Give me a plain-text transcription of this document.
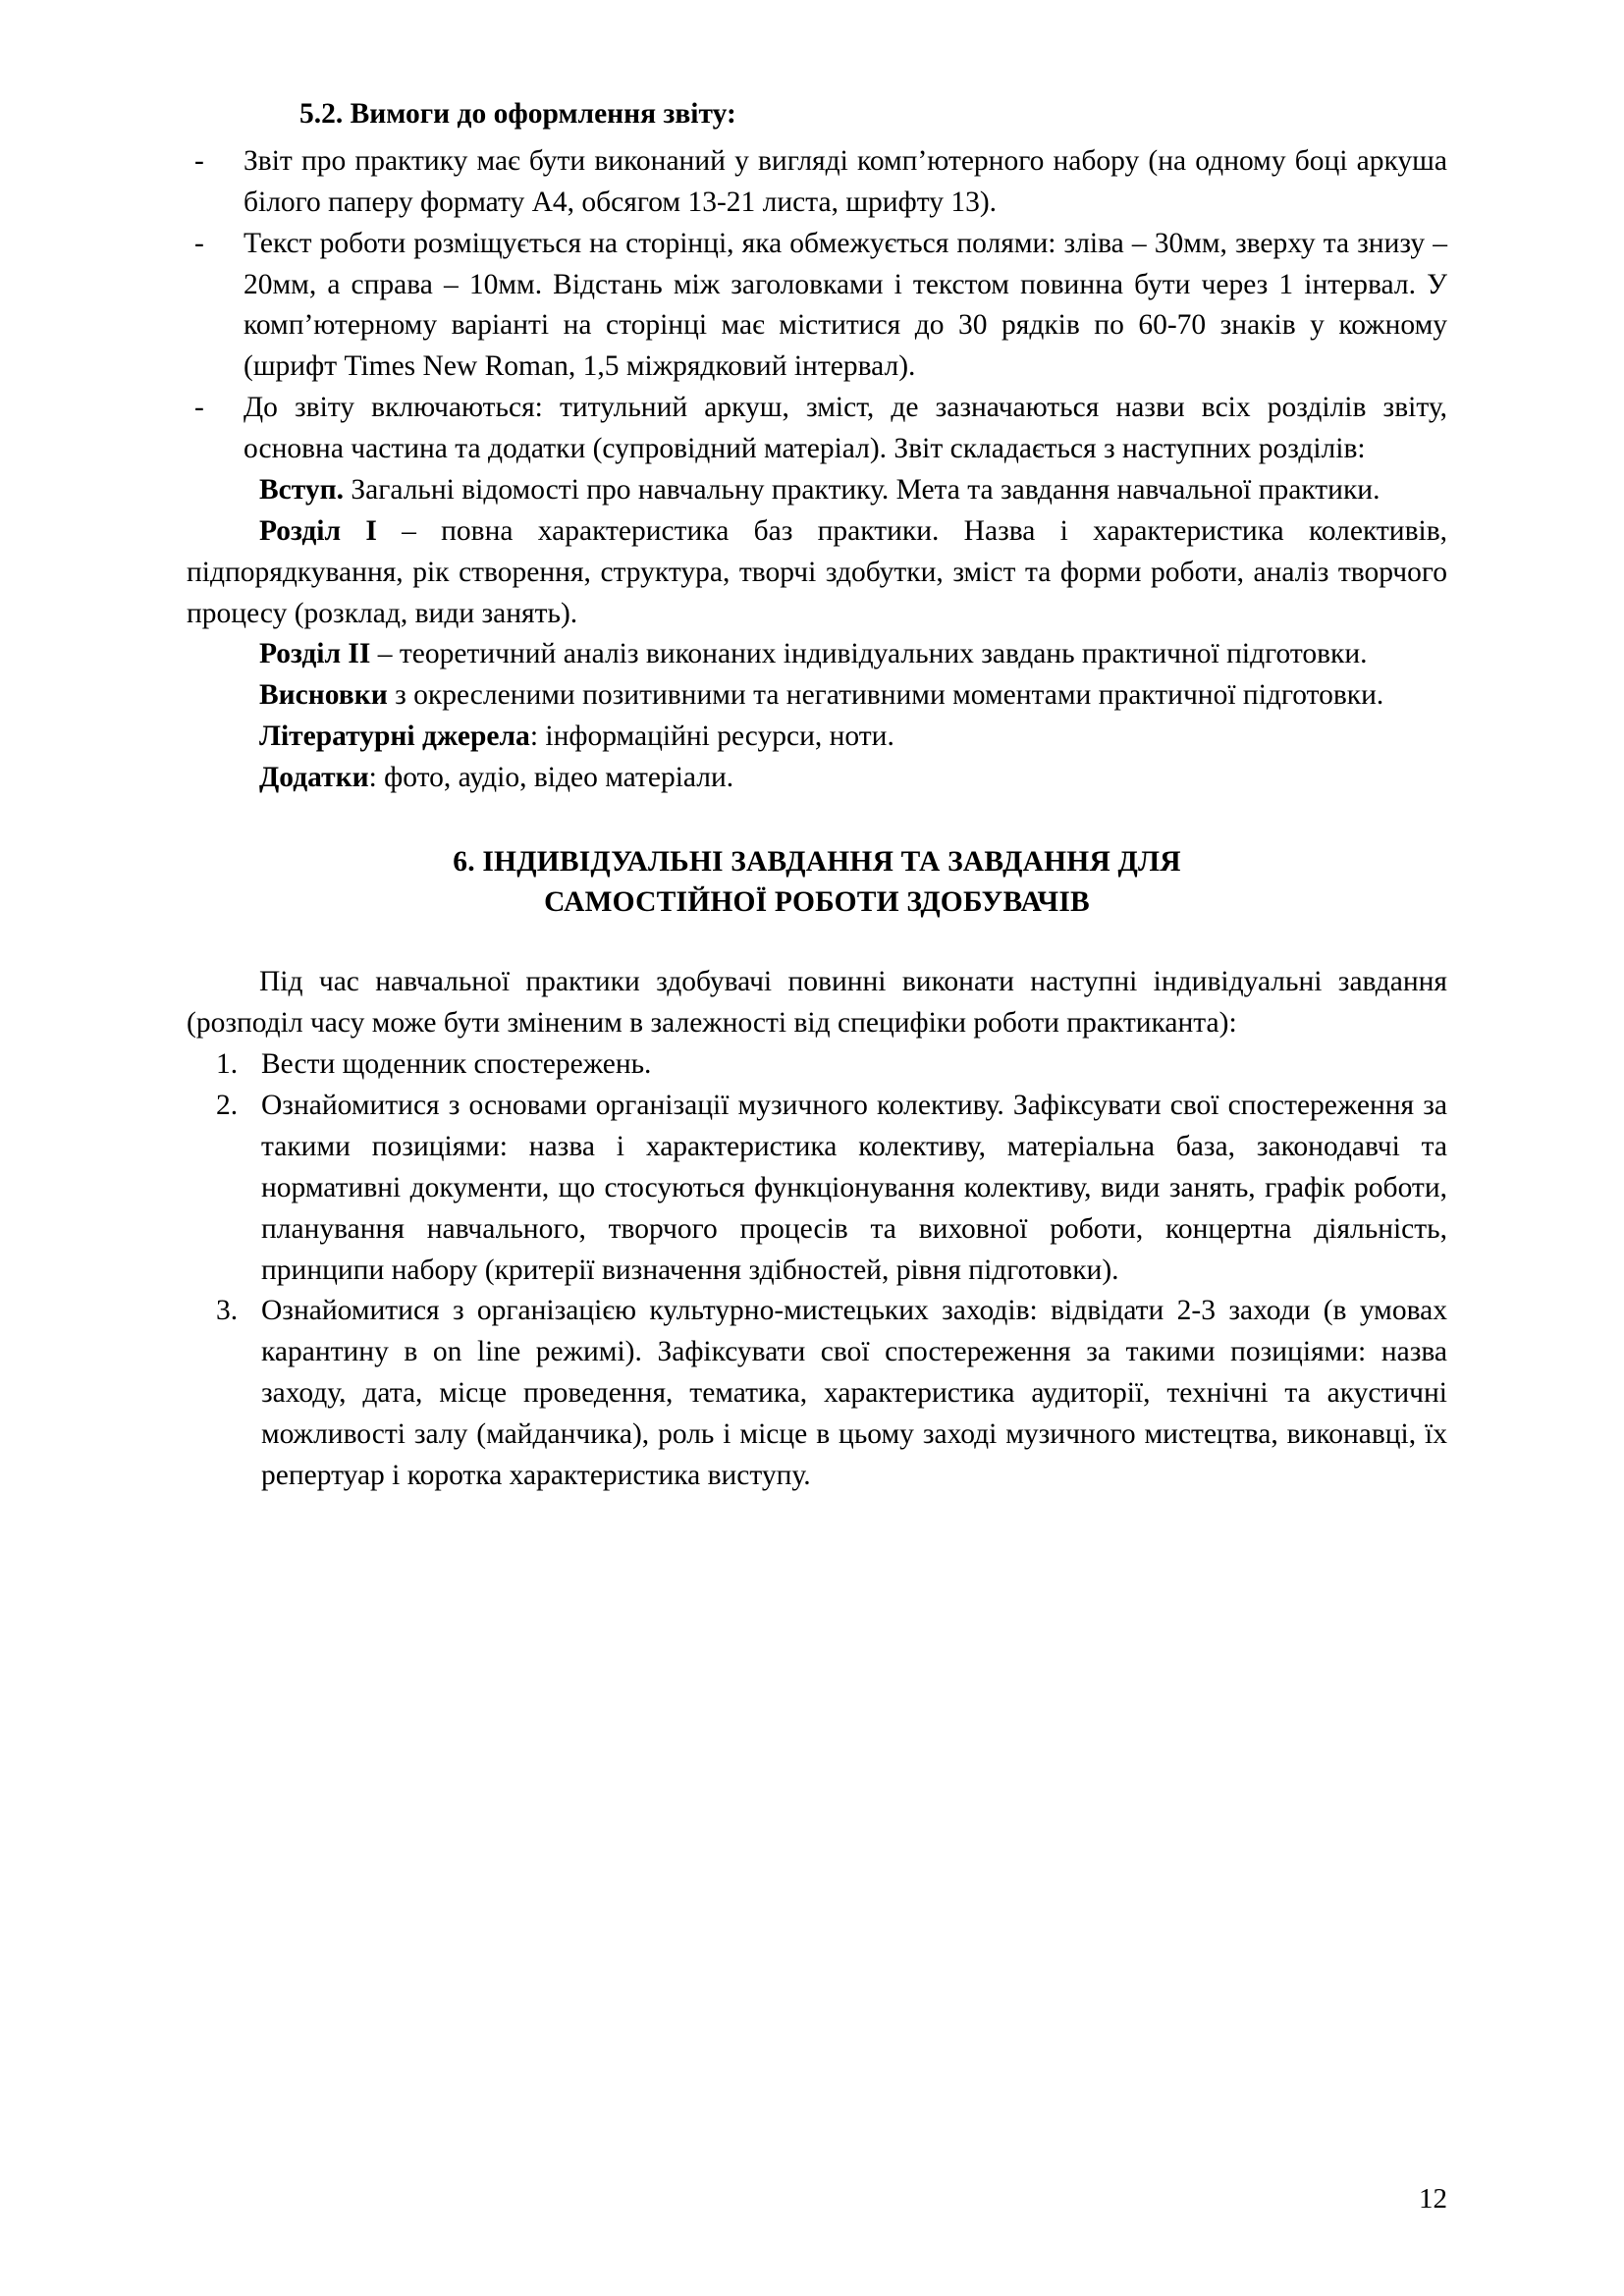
5.2. Вимоги до оформлення звіту:
- Звіт про практику має бути виконаний у вигляді комп’ютерного набору (на одному боці аркуша білого паперу формату А4, обсягом 13-21 листа, шрифту 13).
- Текст роботи розміщується на сторінці, яка обмежується полями: зліва – 30мм, зверху та знизу – 20мм, а справа – 10мм. Відстань між заголовками і текстом повинна бути через 1 інтервал. У комп’ютерному варіанті на сторінці має міститися до 30 рядків по 60-70 знаків у кожному (шрифт Times New Roman, 1,5 міжрядковий інтервал).
- До звіту включаються: титульний аркуш, зміст, де зазначаються назви всіх розділів звіту, основна частина та додатки (супровідний матеріал). Звіт складається з наступних розділів:

Вступ. Загальні відомості про навчальну практику. Мета та завдання навчальної практики.

Розділ I – повна характеристика баз практики. Назва і характеристика колективів, підпорядкування, рік створення, структура, творчі здобутки, зміст та форми роботи, аналіз творчого процесу (розклад, види занять).

Розділ II – теоретичний аналіз виконаних індивідуальних завдань практичної підготовки.

Висновки з окресленими позитивними та негативними моментами практичної підготовки.

Літературні джерела: інформаційні ресурси, ноти.

Додатки: фото, аудіо, відео матеріали.

6. ІНДИВІДУАЛЬНІ ЗАВДАННЯ ТА ЗАВДАННЯ ДЛЯ
САМОСТІЙНОЇ РОБОТИ ЗДОБУВАЧІВ

Під час навчальної практики здобувачі повинні виконати наступні індивідуальні завдання (розподіл часу може бути зміненим в залежності від специфіки роботи практиканта):

Вести щоденник спостережень.
Ознайомитися з основами організації музичного колективу. Зафіксувати свої спостереження за такими позиціями: назва і характеристика колективу, матеріальна база, законодавчі та нормативні документи, що стосуються функціонування колективу, види занять, графік роботи, планування навчального, творчого процесів та виховної роботи, концертна діяльність, принципи набору (критерії визначення здібностей, рівня підготовки).
Ознайомитися з організацією культурно-мистецьких заходів: відвідати 2-3 заходи (в умовах карантину в on line режимі). Зафіксувати свої спостереження за такими позиціями: назва заходу, дата, місце проведення, тематика, характеристика аудиторії, технічні та акустичні можливості залу (майданчика), роль і місце в цьому заході музичного мистецтва, виконавці, їх репертуар і коротка характеристика виступу.
12
